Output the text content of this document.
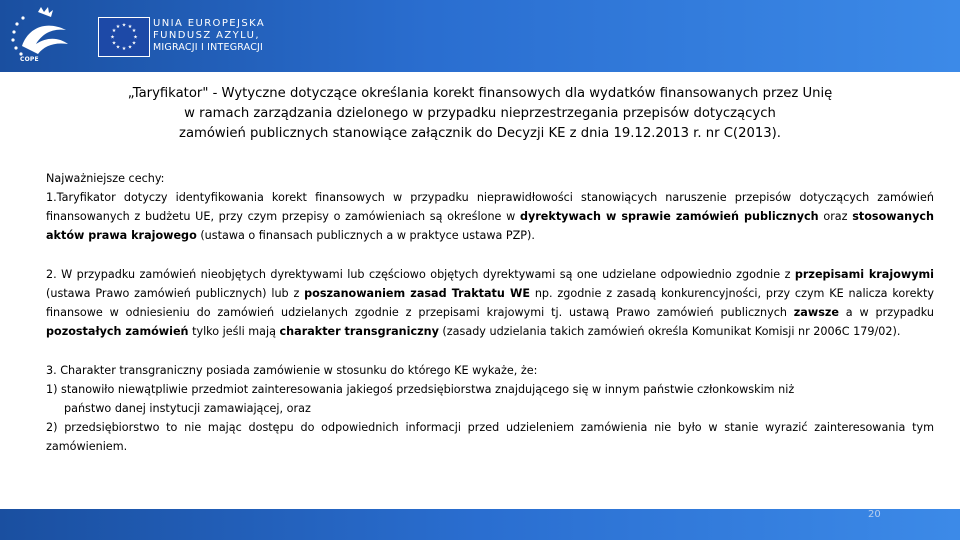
COPE
★ ★
★
★
★
★
★
★
★
★
★
★	UNIA EUROPEJSKA
FUNDUSZ AZYLU,
MIGRACJI I INTEGRACJI
„Taryfikator" - Wytyczne dotyczące określania korekt finansowych dla wydatków finansowanych przez Unię
w ramach zarządzania dzielonego w przypadku nieprzestrzegania przepisów dotyczących
zamówień publicznych stanowiące załącznik do Decyzji KE z dnia 19.12.2013 r. nr C(2013).

Najważniejsze cechy:

1.Taryfikator dotyczy identyfikowania korekt finansowych w przypadku nieprawidłowości stanowiących naruszenie przepisów dotyczących zamówień finansowanych z budżetu UE, przy czym przepisy o zamówieniach są określone w dyrektywach w sprawie zamówień publicznych oraz stosowanych aktów prawa krajowego (ustawa o finansach publicznych a w praktyce ustawa PZP).

2. W przypadku zamówień nieobjętych dyrektywami lub częściowo objętych dyrektywami są one udzielane odpowiednio zgodnie z przepisami krajowymi (ustawa Prawo zamówień publicznych) lub z poszanowaniem zasad Traktatu WE np. zgodnie z zasadą konkurencyjności, przy czym KE nalicza korekty finansowe w odniesieniu do zamówień udzielanych zgodnie z przepisami krajowymi tj. ustawą Prawo zamówień publicznych zawsze a w przypadku pozostałych zamówień tylko jeśli mają charakter transgraniczny (zasady udzielania takich zamówień określa Komunikat Komisji nr 2006C 179/02).

3. Charakter transgraniczny posiada zamówienie w stosunku do którego KE wykaże, że:

1) stanowiło niewątpliwie przedmiot zainteresowania jakiegoś przedsiębiorstwa znajdującego się w innym państwie członkowskim niż

państwo danej instytucji zamawiającej, oraz

2) przedsiębiorstwo to nie mając dostępu do odpowiednich informacji przed udzieleniem zamówienia nie było w stanie wyrazić zainteresowania tym zamówieniem.

20
